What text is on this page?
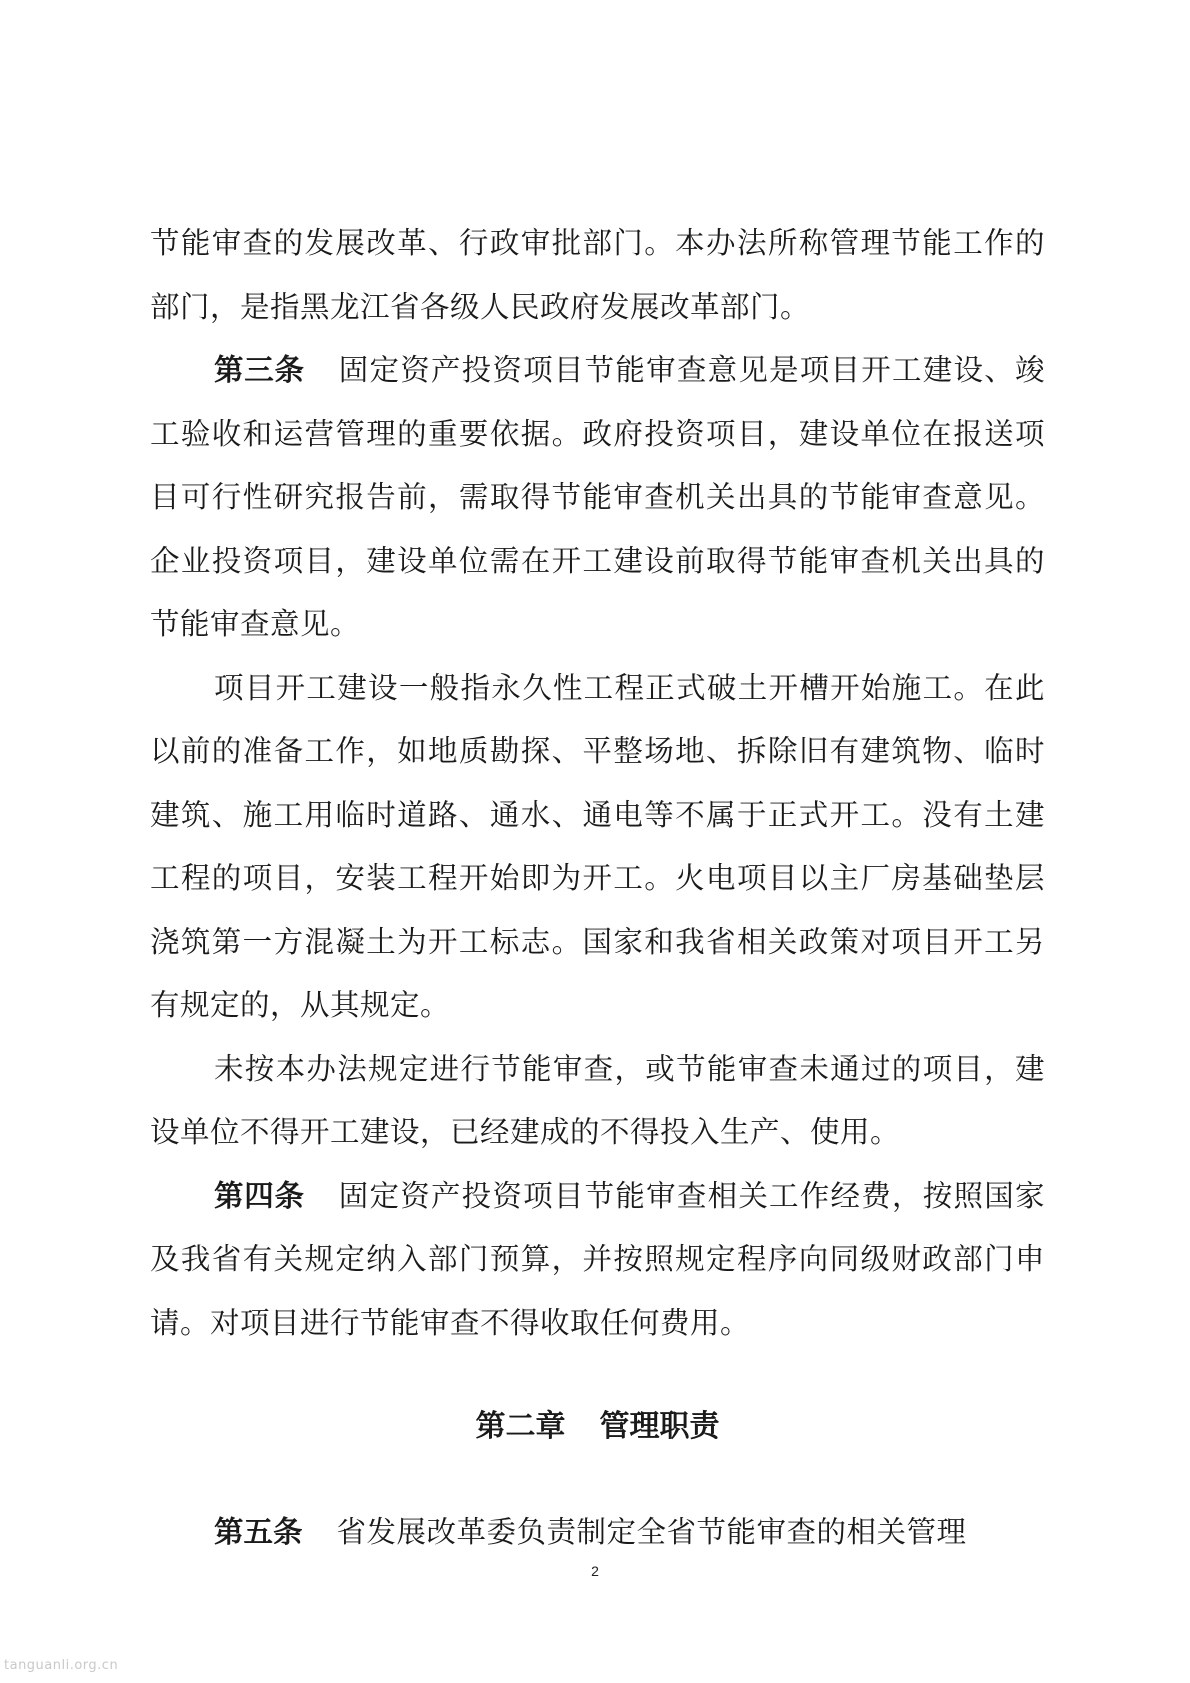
节能审查的发展改革、行政审批部门。本办法所称管理节能工作的部门，是指黑龙江省各级人民政府发展改革部门。

第三条 固定资产投资项目节能审查意见是项目开工建设、竣工验收和运营管理的重要依据。政府投资项目，建设单位在报送项目可行性研究报告前，需取得节能审查机关出具的节能审查意见。企业投资项目，建设单位需在开工建设前取得节能审查机关出具的节能审查意见。

项目开工建设一般指永久性工程正式破土开槽开始施工。在此以前的准备工作，如地质勘探、平整场地、拆除旧有建筑物、临时建筑、施工用临时道路、通水、通电等不属于正式开工。没有土建工程的项目，安装工程开始即为开工。火电项目以主厂房基础垫层浇筑第一方混凝土为开工标志。国家和我省相关政策对项目开工另有规定的，从其规定。

未按本办法规定进行节能审查，或节能审查未通过的项目，建设单位不得开工建设，已经建成的不得投入生产、使用。

第四条 固定资产投资项目节能审查相关工作经费，按照国家及我省有关规定纳入部门预算，并按照规定程序向同级财政部门申请。对项目进行节能审查不得收取任何费用。

第二章 管理职责

第五条 省发展改革委负责制定全省节能审查的相关管理

2
tanguanli.org.cn
